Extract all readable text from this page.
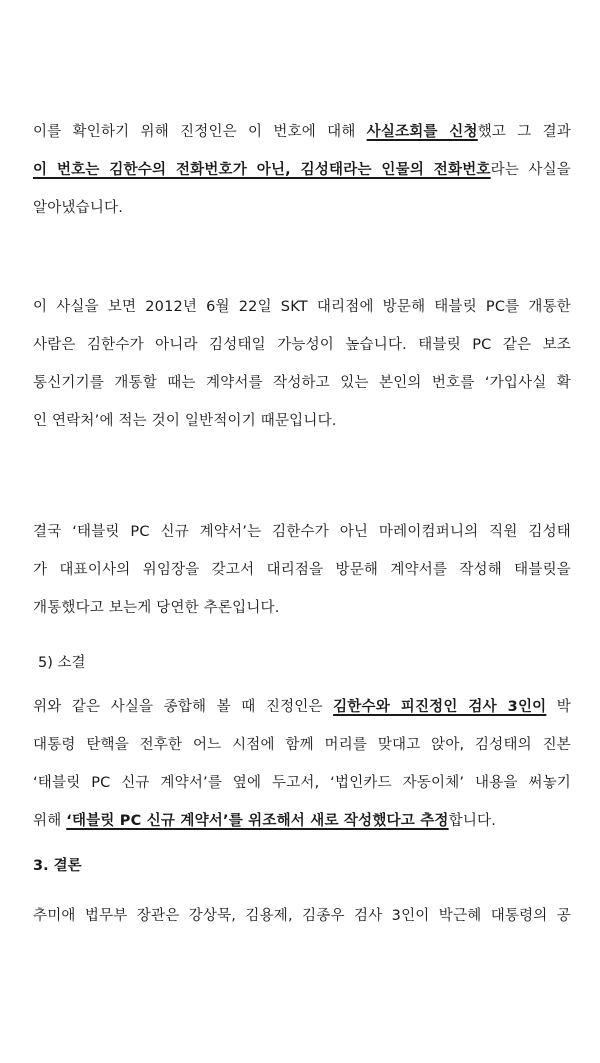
이를 확인하기 위해 진정인은 이 번호에 대해 사실조회를 신청했고 그 결과
이 번호는 김한수의 전화번호가 아닌, 김성태라는 인물의 전화번호라는 사실을
알아냈습니다.
이 사실을 보면 2012년 6월 22일 SKT 대리점에 방문해 태블릿 PC를 개통한
사람은 김한수가 아니라 김성태일 가능성이 높습니다. 태블릿 PC 같은 보조
통신기기를 개통할 때는 계약서를 작성하고 있는 본인의 번호를 ‘가입사실 확
인 연락처’에 적는 것이 일반적이기 때문입니다.
결국 ‘태블릿 PC 신규 계약서’는 김한수가 아닌 마레이컴퍼니의 직원 김성태
가 대표이사의 위임장을 갖고서 대리점을 방문해 계약서를 작성해 태블릿을
개통했다고 보는게 당연한 추론입니다.
5) 소결
위와 같은 사실을 종합해 볼 때 진정인은 김한수와 피진정인 검사 3인이 박
대통령 탄핵을 전후한 어느 시점에 함께 머리를 맞대고 앉아, 김성태의 진본
‘태블릿 PC 신규 계약서’를 옆에 두고서, ‘법인카드 자동이체’ 내용을 써놓기
위해 ‘태블릿 PC 신규 계약서’를 위조해서 새로 작성했다고 추정합니다.
3. 결론
추미애 법무부 장관은 강상묵, 김용제, 김종우 검사 3인이 박근혜 대통령의 공
